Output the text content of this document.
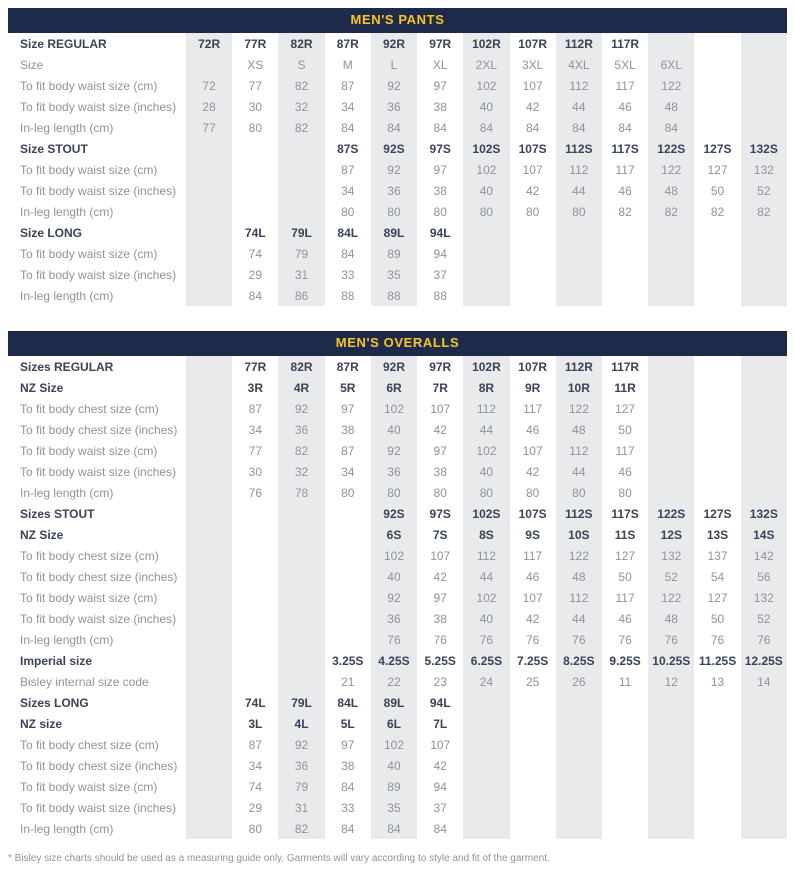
MEN'S PANTS
Size REGULAR	72R	77R	82R	87R	92R	97R	102R	107R	112R	117R			
Size		XS	S	M	L	XL	2XL	3XL	4XL	5XL	6XL		
To fit body waist size (cm)	72	77	82	87	92	97	102	107	112	117	122		
To fit body waist size (inches)	28	30	32	34	36	38	40	42	44	46	48		
In-leg length (cm)	77	80	82	84	84	84	84	84	84	84	84		
Size STOUT				87S	92S	97S	102S	107S	112S	117S	122S	127S	132S
To fit body waist size (cm)				87	92	97	102	107	112	117	122	127	132
To fit body waist size (inches)				34	36	38	40	42	44	46	48	50	52
In-leg length (cm)				80	80	80	80	80	80	82	82	82	82
Size LONG		74L	79L	84L	89L	94L							
To fit body waist size (cm)		74	79	84	89	94							
To fit body waist size (inches)		29	31	33	35	37							
In-leg length (cm)		84	86	88	88	88							
MEN'S OVERALLS
Sizes REGULAR		77R	82R	87R	92R	97R	102R	107R	112R	117R			
NZ Size		3R	4R	5R	6R	7R	8R	9R	10R	11R			
To fit body chest size (cm)		87	92	97	102	107	112	117	122	127			
To fit body chest size (inches)		34	36	38	40	42	44	46	48	50			
To fit body waist size (cm)		77	82	87	92	97	102	107	112	117			
To fit body waist size (inches)		30	32	34	36	38	40	42	44	46			
In-leg length (cm)		76	78	80	80	80	80	80	80	80			
Sizes STOUT					92S	97S	102S	107S	112S	117S	122S	127S	132S
NZ Size					6S	7S	8S	9S	10S	11S	12S	13S	14S
To fit body chest size (cm)					102	107	112	117	122	127	132	137	142
To fit body chest size (inches)					40	42	44	46	48	50	52	54	56
To fit body waist size (cm)					92	97	102	107	112	117	122	127	132
To fit body waist size (inches)					36	38	40	42	44	46	48	50	52
In-leg length (cm)					76	76	76	76	76	76	76	76	76
Imperial size				3.25S	4.25S	5.25S	6.25S	7.25S	8.25S	9.25S	10.25S	11.25S	12.25S
Bisley internal size code				21	22	23	24	25	26	11	12	13	14
Sizes LONG		74L	79L	84L	89L	94L							
NZ size		3L	4L	5L	6L	7L							
To fit body chest size (cm)		87	92	97	102	107							
To fit body chest size (inches)		34	36	38	40	42							
To fit body waist size (cm)		74	79	84	89	94							
To fit body waist size (inches)		29	31	33	35	37							
In-leg length (cm)		80	82	84	84	84							

* Bisley size charts should be used as a measuring guide only. Garments will vary according to style and fit of the garment.
